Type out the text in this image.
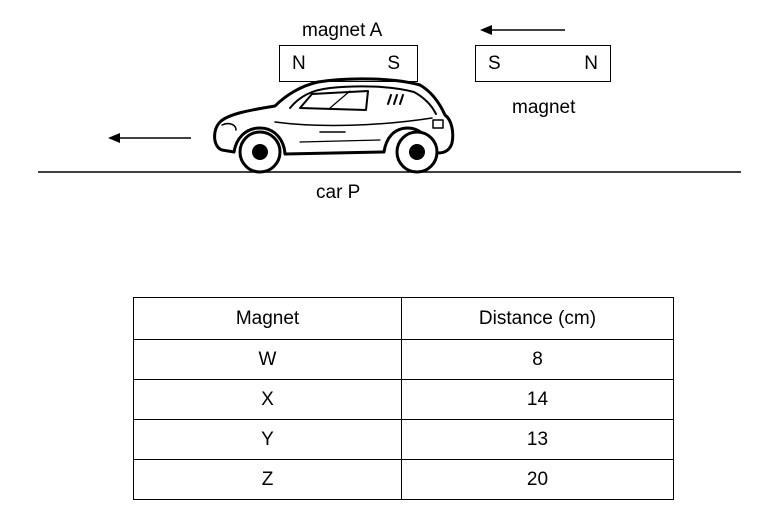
magnet A
N	S	S	N
magnet
car P
Magnet	Distance (cm)
W	8
X	14
Y	13
Z	20
